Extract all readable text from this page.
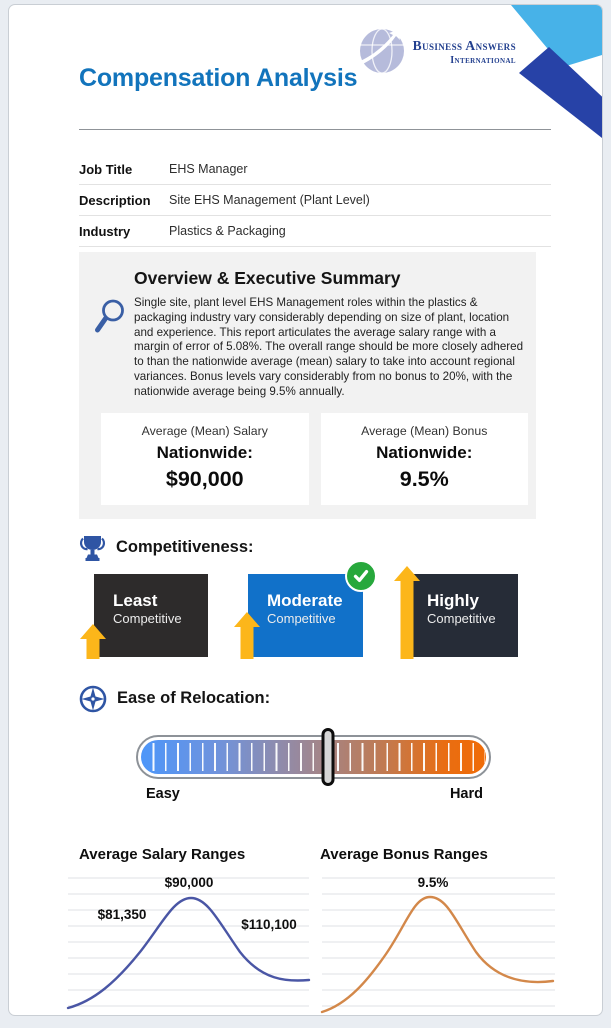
Business Answers
International
Compensation Analysis
Job Title	EHS Manager
Description	Site EHS Management (Plant Level)
Industry	Plastics & Packaging
Overview & Executive Summary

Single site, plant level EHS Management roles within the plastics & packaging industry vary considerably depending on size of plant, location and experience. This report articulates the average salary range with a margin of error of 5.08%. The overall range should be more closely adhered to than the nationwide average (mean) salary to take into account regional variances. Bonus levels vary considerably from no bonus to 20%, with the nationwide average being 9.5% annually.

Average (Mean) Salary
Nationwide:
$90,000
Average (Mean) Bonus
Nationwide:
9.5%
Competitiveness:
Least
Competitive
Moderate
Competitive
Highly
Competitive
Ease of Relocation:
Easy	Hard
Average Salary Ranges
$90,000
$81,350
$110,100
Average Bonus Ranges
9.5%
